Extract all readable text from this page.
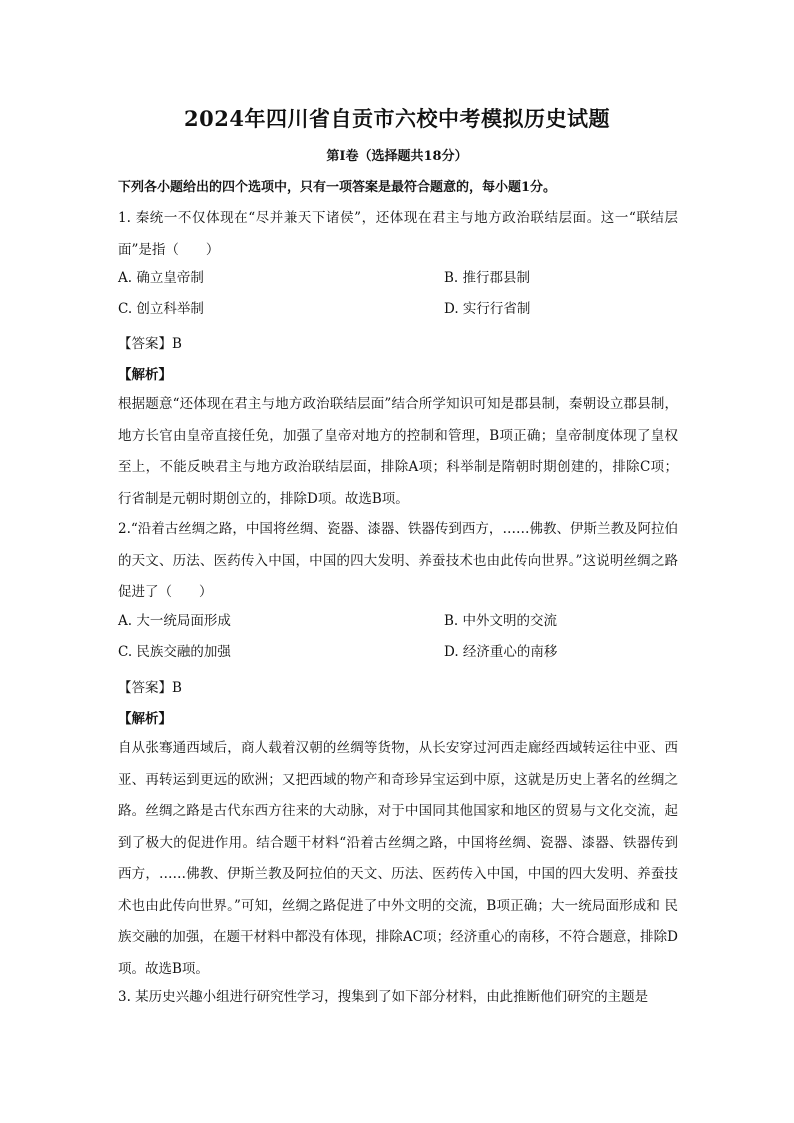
2024年四川省自贡市六校中考模拟历史试题
第I卷（选择题共18分）
下列各小题给出的四个选项中，只有一项答案是最符合题意的，每小题1分。
1. 秦统一不仅体现在“尽并兼天下诸侯”，还体现在君主与地方政治联结层面。这一“联结层面”是指（　　）
A. 确立皇帝制	B. 推行郡县制
C. 创立科举制	D. 实行行省制
【答案】B
【解析】
根据题意“还体现在君主与地方政治联结层面”结合所学知识可知是郡县制，秦朝设立郡县制，地方长官由皇帝直接任免，加强了皇帝对地方的控制和管理，B项正确；皇帝制度体现了皇权至上，不能反映君主与地方政治联结层面，排除A项；科举制是隋朝时期创建的，排除C项；行省制是元朝时期创立的，排除D项。故选B项。
2.“沿着古丝绸之路，中国将丝绸、瓷器、漆器、铁器传到西方，……佛教、伊斯兰教及阿拉伯的天文、历法、医药传入中国，中国的四大发明、养蚕技术也由此传向世界。”这说明丝绸之路促进了（　　）
A. 大一统局面形成	B. 中外文明的交流
C. 民族交融的加强	D. 经济重心的南移
【答案】B
【解析】
自从张骞通西域后，商人载着汉朝的丝绸等货物，从长安穿过河西走廊经西域转运往中亚、西亚、再转运到更远的欧洲；又把西域的物产和奇珍异宝运到中原，这就是历史上著名的丝绸之路。丝绸之路是古代东西方往来的大动脉，对于中国同其他国家和地区的贸易与文化交流，起到了极大的促进作用。结合题干材料“沿着古丝绸之路，中国将丝绸、瓷器、漆器、铁器传到西方，……佛教、伊斯兰教及阿拉伯的天文、历法、医药传入中国，中国的四大发明、养蚕技术也由此传向世界。”可知，丝绸之路促进了中外文明的交流，B项正确；大一统局面形成和 民族交融的加强，在题干材料中都没有体现，排除AC项；经济重心的南移，不符合题意，排除D项。故选B项。
3. 某历史兴趣小组进行研究性学习，搜集到了如下部分材料，由此推断他们研究的主题是
